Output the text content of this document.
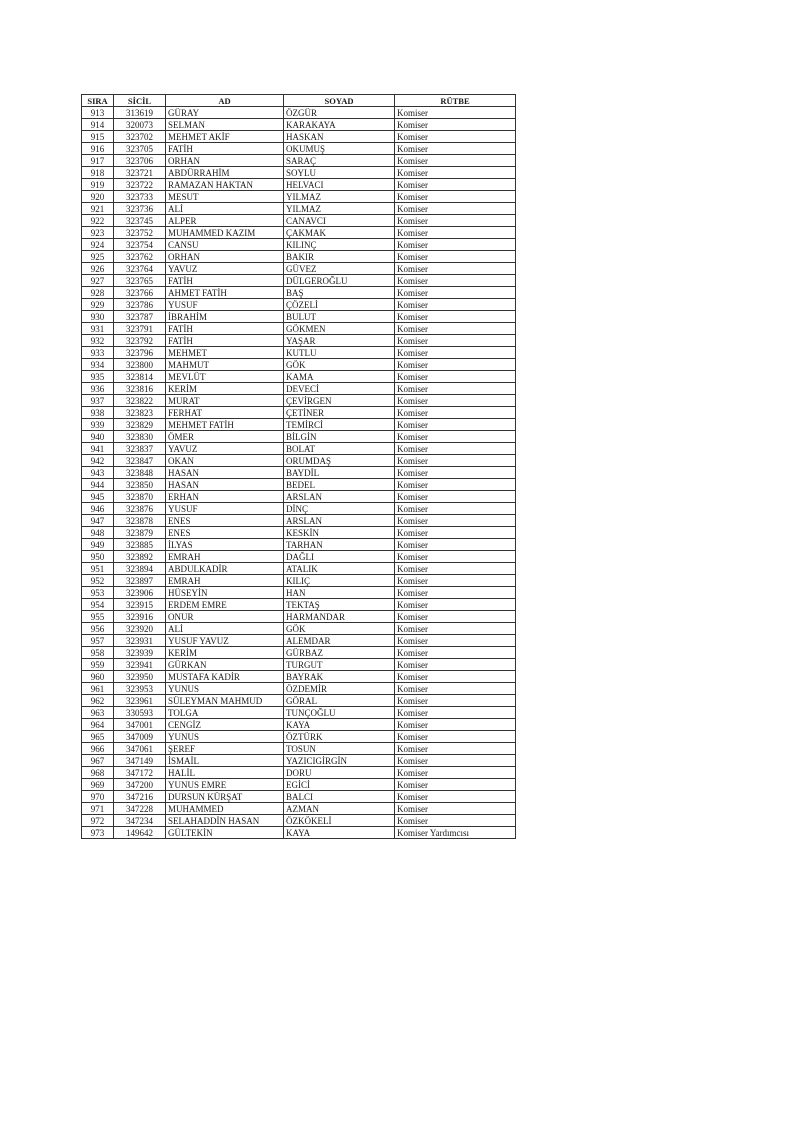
SIRA	SİCİL	AD	SOYAD	RÜTBE
913	313619	GÜRAY	ÖZGÜR	Komiser
914	320073	SELMAN	KARAKAYA	Komiser
915	323702	MEHMET AKİF	HASKAN	Komiser
916	323705	FATİH	OKUMUŞ	Komiser
917	323706	ORHAN	SARAÇ	Komiser
918	323721	ABDÜRRAHİM	SOYLU	Komiser
919	323722	RAMAZAN HAKTAN	HELVACI	Komiser
920	323733	MESUT	YILMAZ	Komiser
921	323736	ALİ	YILMAZ	Komiser
922	323745	ALPER	CANAVCI	Komiser
923	323752	MUHAMMED KAZIM	ÇAKMAK	Komiser
924	323754	CANSU	KILINÇ	Komiser
925	323762	ORHAN	BAKIR	Komiser
926	323764	YAVUZ	GÜVEZ	Komiser
927	323765	FATİH	DÜLGEROĞLU	Komiser
928	323766	AHMET FATİH	BAŞ	Komiser
929	323786	YUSUF	ÇÖZELİ	Komiser
930	323787	İBRAHİM	BULUT	Komiser
931	323791	FATİH	GÖKMEN	Komiser
932	323792	FATİH	YAŞAR	Komiser
933	323796	MEHMET	KUTLU	Komiser
934	323800	MAHMUT	GÖK	Komiser
935	323814	MEVLÜT	KAMA	Komiser
936	323816	KERİM	DEVECİ	Komiser
937	323822	MURAT	ÇEVİRGEN	Komiser
938	323823	FERHAT	ÇETİNER	Komiser
939	323829	MEHMET FATİH	TEMİRCİ	Komiser
940	323830	ÖMER	BİLGİN	Komiser
941	323837	YAVUZ	BOLAT	Komiser
942	323847	OKAN	ORUMDAŞ	Komiser
943	323848	HASAN	BAYDİL	Komiser
944	323850	HASAN	BEDEL	Komiser
945	323870	ERHAN	ARSLAN	Komiser
946	323876	YUSUF	DİNÇ	Komiser
947	323878	ENES	ARSLAN	Komiser
948	323879	ENES	KESKİN	Komiser
949	323885	İLYAS	TARHAN	Komiser
950	323892	EMRAH	DAĞLI	Komiser
951	323894	ABDULKADİR	ATALIK	Komiser
952	323897	EMRAH	KILIÇ	Komiser
953	323906	HÜSEYİN	HAN	Komiser
954	323915	ERDEM EMRE	TEKTAŞ	Komiser
955	323916	ONUR	HARMANDAR	Komiser
956	323920	ALİ	GÖK	Komiser
957	323931	YUSUF YAVUZ	ALEMDAR	Komiser
958	323939	KERİM	GÜRBAZ	Komiser
959	323941	GÜRKAN	TURGUT	Komiser
960	323950	MUSTAFA KADİR	BAYRAK	Komiser
961	323953	YUNUS	ÖZDEMİR	Komiser
962	323961	SÜLEYMAN MAHMUD	GÖRAL	Komiser
963	330593	TOLGA	TUNÇOĞLU	Komiser
964	347001	CENGİZ	KAYA	Komiser
965	347009	YUNUS	ÖZTÜRK	Komiser
966	347061	ŞEREF	TOSUN	Komiser
967	347149	İSMAİL	YAZICIGİRGİN	Komiser
968	347172	HALİL	DORU	Komiser
969	347200	YUNUS EMRE	EGİCİ	Komiser
970	347216	DURSUN KÜRŞAT	BALCI	Komiser
971	347228	MUHAMMED	AZMAN	Komiser
972	347234	SELAHADDİN HASAN	ÖZKÖKELİ	Komiser
973	149642	GÜLTEKİN	KAYA	Komiser Yardımcısı
